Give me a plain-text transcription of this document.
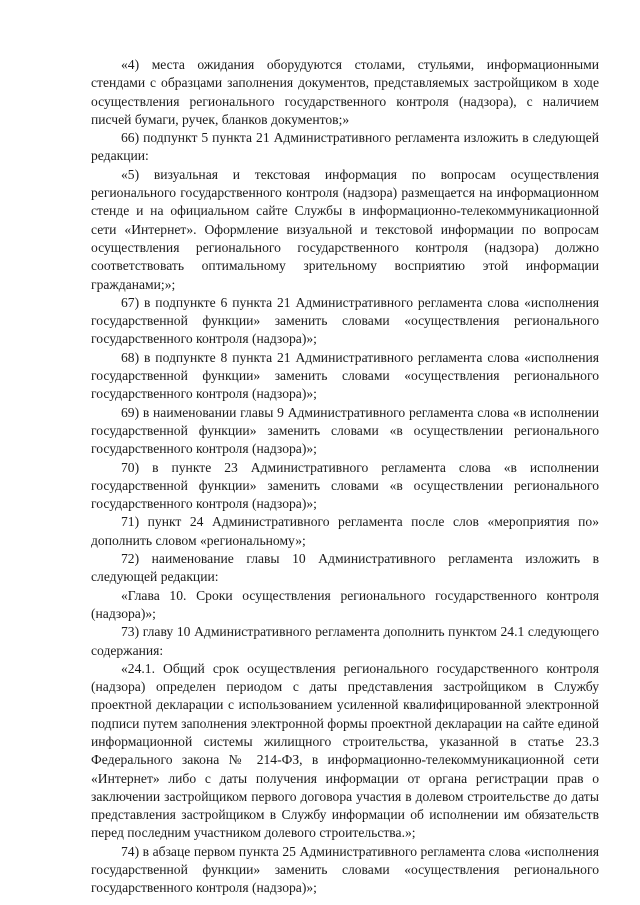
«4) места ожидания оборудуются столами, стульями, информационными стендами с образцами заполнения документов, представляемых застройщиком в ходе осуществления регионального государственного контроля (надзора), с наличием писчей бумаги, ручек, бланков документов;»

66) подпункт 5 пункта 21 Административного регламента изложить в следующей редакции:

«5) визуальная и текстовая информация по вопросам осуществления регионального государственного контроля (надзора) размещается на информационном стенде и на официальном сайте Службы в информационно-телекоммуникационной сети «Интернет». Оформление визуальной и текстовой информации по вопросам осуществления регионального государственного контроля (надзора) должно соответствовать оптимальному зрительному восприятию этой информации гражданами;»;

67) в подпункте 6 пункта 21 Административного регламента слова «исполнения государственной функции» заменить словами «осуществления регионального государственного контроля (надзора)»;

68) в подпункте 8 пункта 21 Административного регламента слова «исполнения государственной функции» заменить словами «осуществления регионального государственного контроля (надзора)»;

69) в наименовании главы 9 Административного регламента слова «в исполнении государственной функции» заменить словами «в осуществлении регионального государственного контроля (надзора)»;

70) в пункте 23 Административного регламента слова «в исполнении государственной функции» заменить словами «в осуществлении регионального государственного контроля (надзора)»;

71) пункт 24 Административного регламента после слов «мероприятия по» дополнить словом «региональному»;

72) наименование главы 10 Административного регламента изложить в следующей редакции:

«Глава 10. Сроки осуществления регионального государственного контроля (надзора)»;

73) главу 10 Административного регламента дополнить пунктом 24.1 следующего содержания:

«24.1. Общий срок осуществления регионального государственного контроля (надзора) определен периодом с даты представления застройщиком в Службу проектной декларации с использованием усиленной квалифицированной электронной подписи путем заполнения электронной формы проектной декларации на сайте единой информационной системы жилищного строительства, указанной в статье 23.3 Федерального закона № 214-ФЗ, в информационно-телекоммуникационной сети «Интернет» либо с даты получения информации от органа регистрации прав о заключении застройщиком первого договора участия в долевом строительстве до даты представления застройщиком в Службу информации об исполнении им обязательств перед последним участником долевого строительства.»;

74) в абзаце первом пункта 25 Административного регламента слова «исполнения государственной функции» заменить словами «осуществления регионального государственного контроля (надзора)»;
